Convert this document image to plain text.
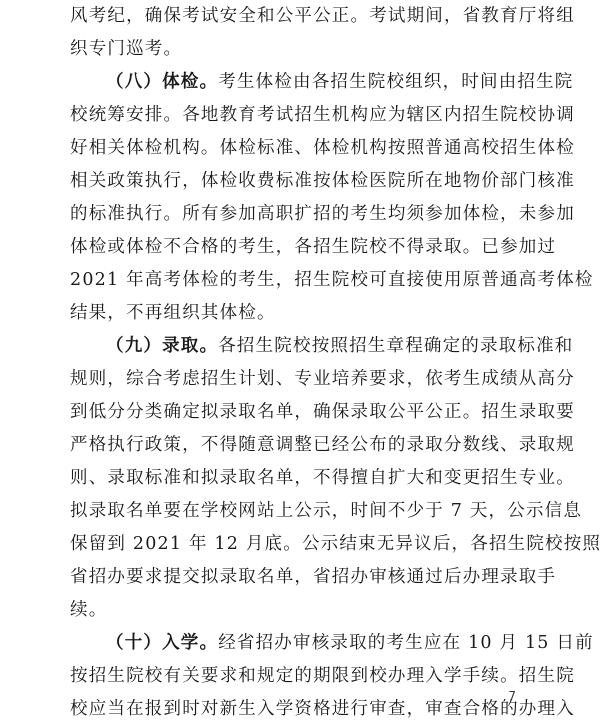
风考纪，确保考试安全和公平公正。考试期间，省教育厅将组
织专门巡考。
（八）体检。考生体检由各招生院校组织，时间由招生院
校统筹安排。各地教育考试招生机构应为辖区内招生院校协调
好相关体检机构。体检标准、体检机构按照普通高校招生体检
相关政策执行，体检收费标准按体检医院所在地物价部门核准
的标准执行。所有参加高职扩招的考生均须参加体检，未参加
体检或体检不合格的考生，各招生院校不得录取。已参加过
2021 年高考体检的考生，招生院校可直接使用原普通高考体检
结果，不再组织其体检。
（九）录取。各招生院校按照招生章程确定的录取标准和
规则，综合考虑招生计划、专业培养要求，依考生成绩从高分
到低分分类确定拟录取名单，确保录取公平公正。招生录取要
严格执行政策，不得随意调整已经公布的录取分数线、录取规
则、录取标准和拟录取名单，不得擅自扩大和变更招生专业。
拟录取名单要在学校网站上公示，时间不少于 7 天，公示信息
保留到 2021 年 12 月底。公示结束无异议后，各招生院校按照
省招办要求提交拟录取名单，省招办审核通过后办理录取手
续。
（十）入学。经省招办审核录取的考生应在 10 月 15 日前
按招生院校有关要求和规定的期限到校办理入学手续。招生院
校应当在报到时对新生入学资格进行审查，审查合格的办理入
7
